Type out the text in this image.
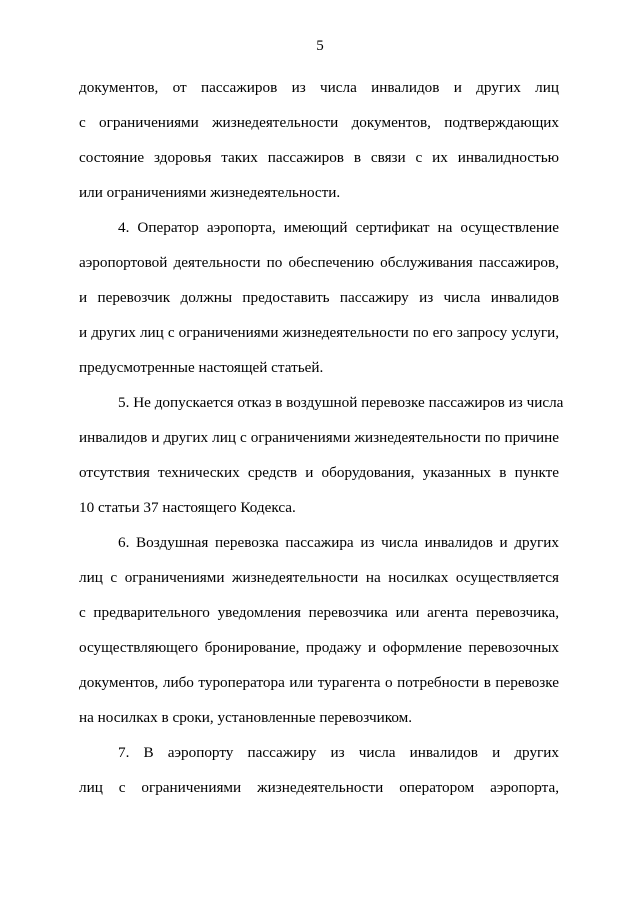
5
документов, от пассажиров из числа инвалидов и других лиц
с ограничениями жизнедеятельности документов, подтверждающих
состояние здоровья таких пассажиров в связи с их инвалидностью
или ограничениями жизнедеятельности.
4. Оператор аэропорта, имеющий сертификат на осуществление
аэропортовой деятельности по обеспечению обслуживания пассажиров,
и перевозчик должны предоставить пассажиру из числа инвалидов
и других лиц с ограничениями жизнедеятельности по его запросу услуги,
предусмотренные настоящей статьей.
5. Не допускается отказ в воздушной перевозке пассажиров из числа
инвалидов и других лиц с ограничениями жизнедеятельности по причине
отсутствия технических средств и оборудования, указанных в пункте
10 статьи 37 настоящего Кодекса.
6. Воздушная перевозка пассажира из числа инвалидов и других
лиц с ограничениями жизнедеятельности на носилках осуществляется
с предварительного уведомления перевозчика или агента перевозчика,
осуществляющего бронирование, продажу и оформление перевозочных
документов, либо туроператора или турагента о потребности в перевозке
на носилках в сроки, установленные перевозчиком.
7. В аэропорту пассажиру из числа инвалидов и других
лиц с ограничениями жизнедеятельности оператором аэропорта,
